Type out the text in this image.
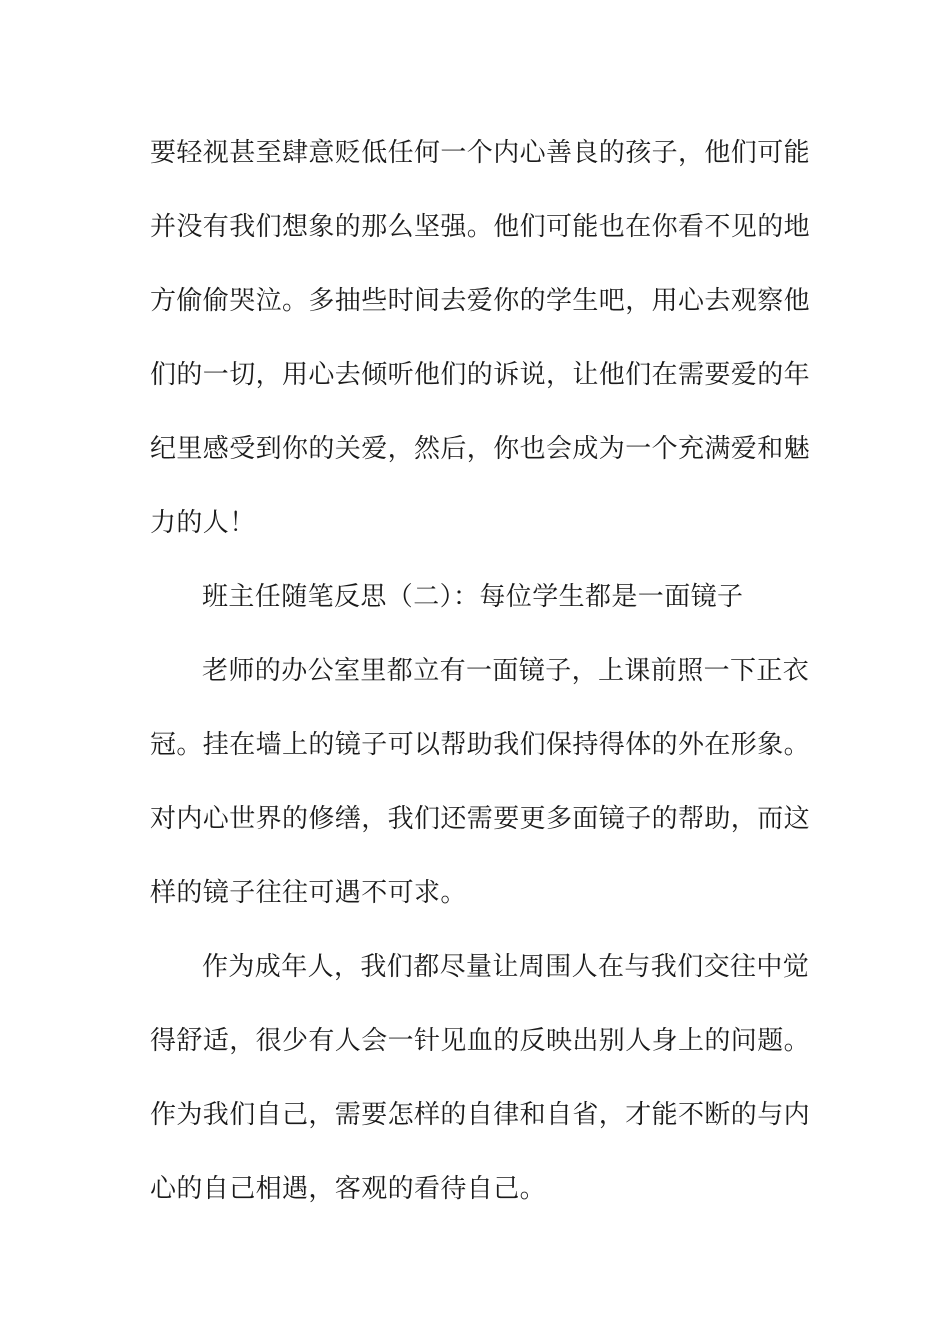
要轻视甚至肆意贬低任何一个内心善良的孩子，他们可能
并没有我们想象的那么坚强。他们可能也在你看不见的地
方偷偷哭泣。多抽些时间去爱你的学生吧，用心去观察他
们的一切，用心去倾听他们的诉说，让他们在需要爱的年
纪里感受到你的关爱，然后，你也会成为一个充满爱和魅
力的人！
班主任随笔反思（二）：每位学生都是一面镜子
老师的办公室里都立有一面镜子，上课前照一下正衣
冠。挂在墙上的镜子可以帮助我们保持得体的外在形象。
对内心世界的修缮，我们还需要更多面镜子的帮助，而这
样的镜子往往可遇不可求。
作为成年人，我们都尽量让周围人在与我们交往中觉
得舒适，很少有人会一针见血的反映出别人身上的问题。
作为我们自己，需要怎样的自律和自省，才能不断的与内
心的自己相遇，客观的看待自己。
